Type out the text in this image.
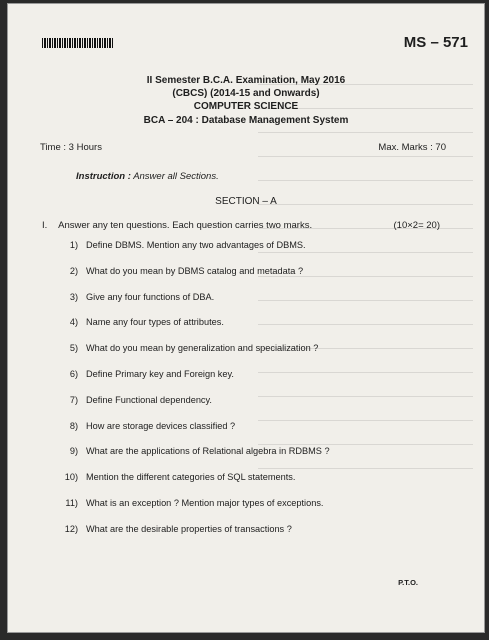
MS – 571
II Semester B.C.A. Examination, May 2016
(CBCS) (2014-15 and Onwards)
COMPUTER SCIENCE
BCA – 204 : Database Management System
Time : 3 Hours	Max. Marks : 70
Instruction : Answer all Sections.
SECTION – A
I. Answer any ten questions. Each question carries two marks.	(10×2= 20)
1) Define DBMS. Mention any two advantages of DBMS.
2) What do you mean by DBMS catalog and metadata ?
3) Give any four functions of DBA.
4) Name any four types of attributes.
5) What do you mean by generalization and specialization ?
6) Define Primary key and Foreign key.
7) Define Functional dependency.
8) How are storage devices classified ?
9) What are the applications of Relational algebra in RDBMS ?
10) Mention the different categories of SQL statements.
11) What is an exception ? Mention major types of exceptions.
12) What are the desirable properties of transactions ?
P.T.O.
